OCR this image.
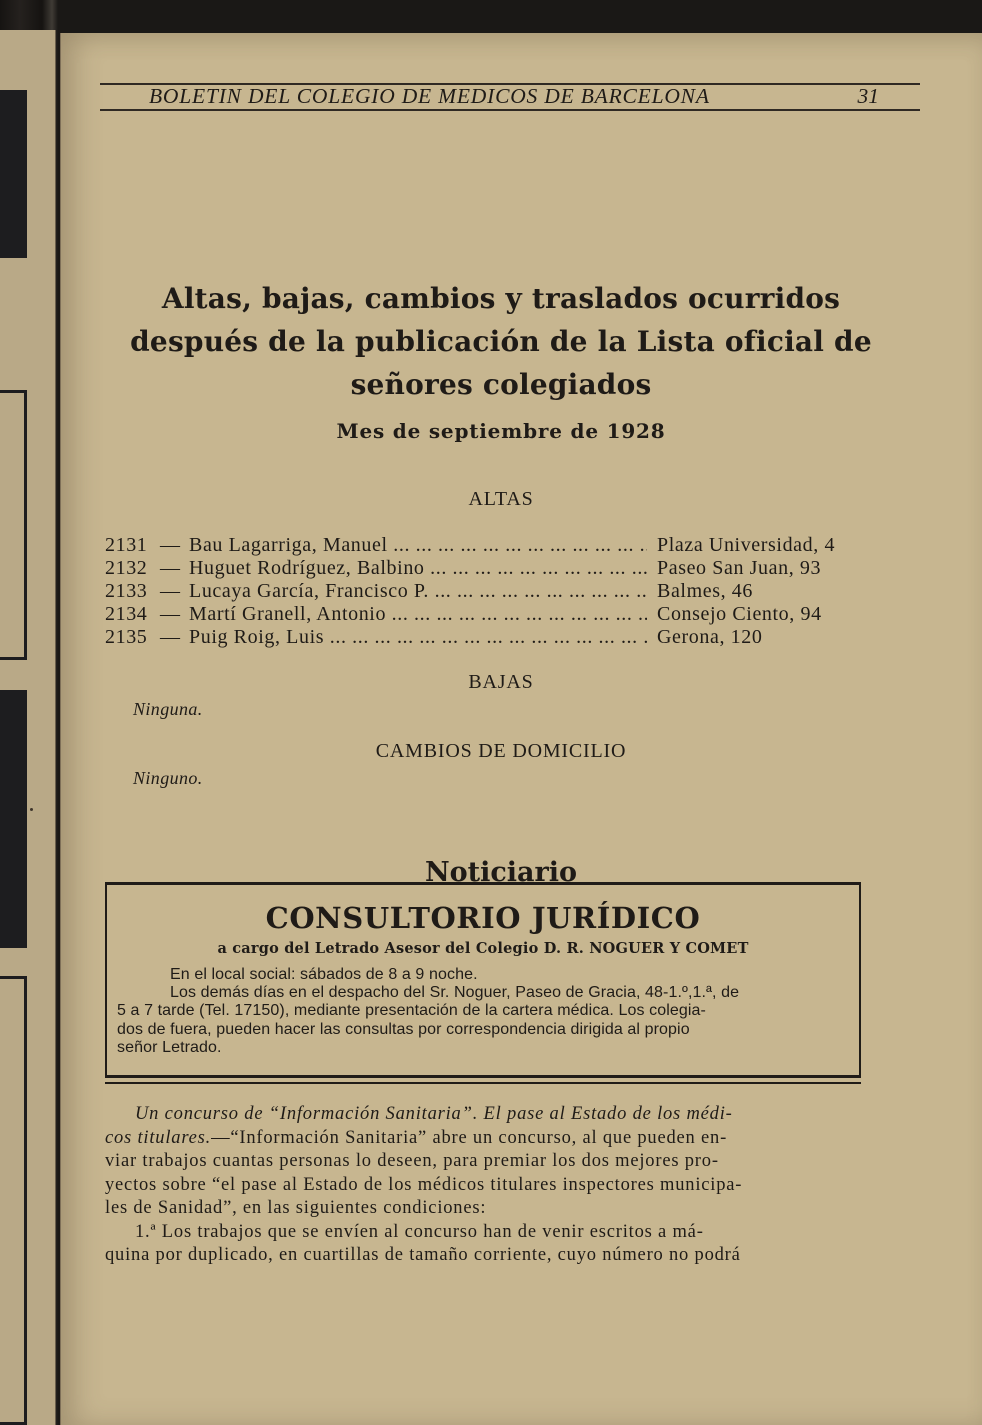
BOLETIN DEL COLEGIO DE MEDICOS DE BARCELONA	31
Altas, bajas, cambios y traslados ocurridos
después de la publicación de la Lista oficial de
señores colegiados
Mes de septiembre de 1928
ALTAS
2131 — Bau Lagarriga, Manuel ... .	Plaza Universidad, 4
2132 — Huguet Rodríguez, Balbino ... .	Paseo San Juan, 93
2133 — Lucaya García, Francisco P. ... .	Balmes, 46
2134 — Martí Granell, Antonio ... .	Consejo Ciento, 94
2135 — Puig Roig, Luis ... .	Gerona, 120
BAJAS
Ninguna.
CAMBIOS DE DOMICILIO
Ninguno.
Noticiario
CONSULTORIO JURÍDICO
a cargo del Letrado Asesor del Colegio D. R. NOGUER Y COMET
En el local social: sábados de 8 a 9 noche.
Los demás días en el despacho del Sr. Noguer, Paseo de Gracia, 48-1.º,1.ª, de
5 a 7 tarde (Tel. 17150), mediante presentación de la cartera médica. Los colegia-
dos de fuera, pueden hacer las consultas por correspondencia dirigida al propio
señor Letrado.
Un concurso de “Información Sanitaria”. El pase al Estado de los médi-
cos titulares.—“Información Sanitaria” abre un concurso, al que pueden en-
viar trabajos cuantas personas lo deseen, para premiar los dos mejores pro-
yectos sobre “el pase al Estado de los médicos titulares inspectores municipa-
les de Sanidad”, en las siguientes condiciones:
1.ª Los trabajos que se envíen al concurso han de venir escritos a má-
quina por duplicado, en cuartillas de tamaño corriente, cuyo número no podrá
